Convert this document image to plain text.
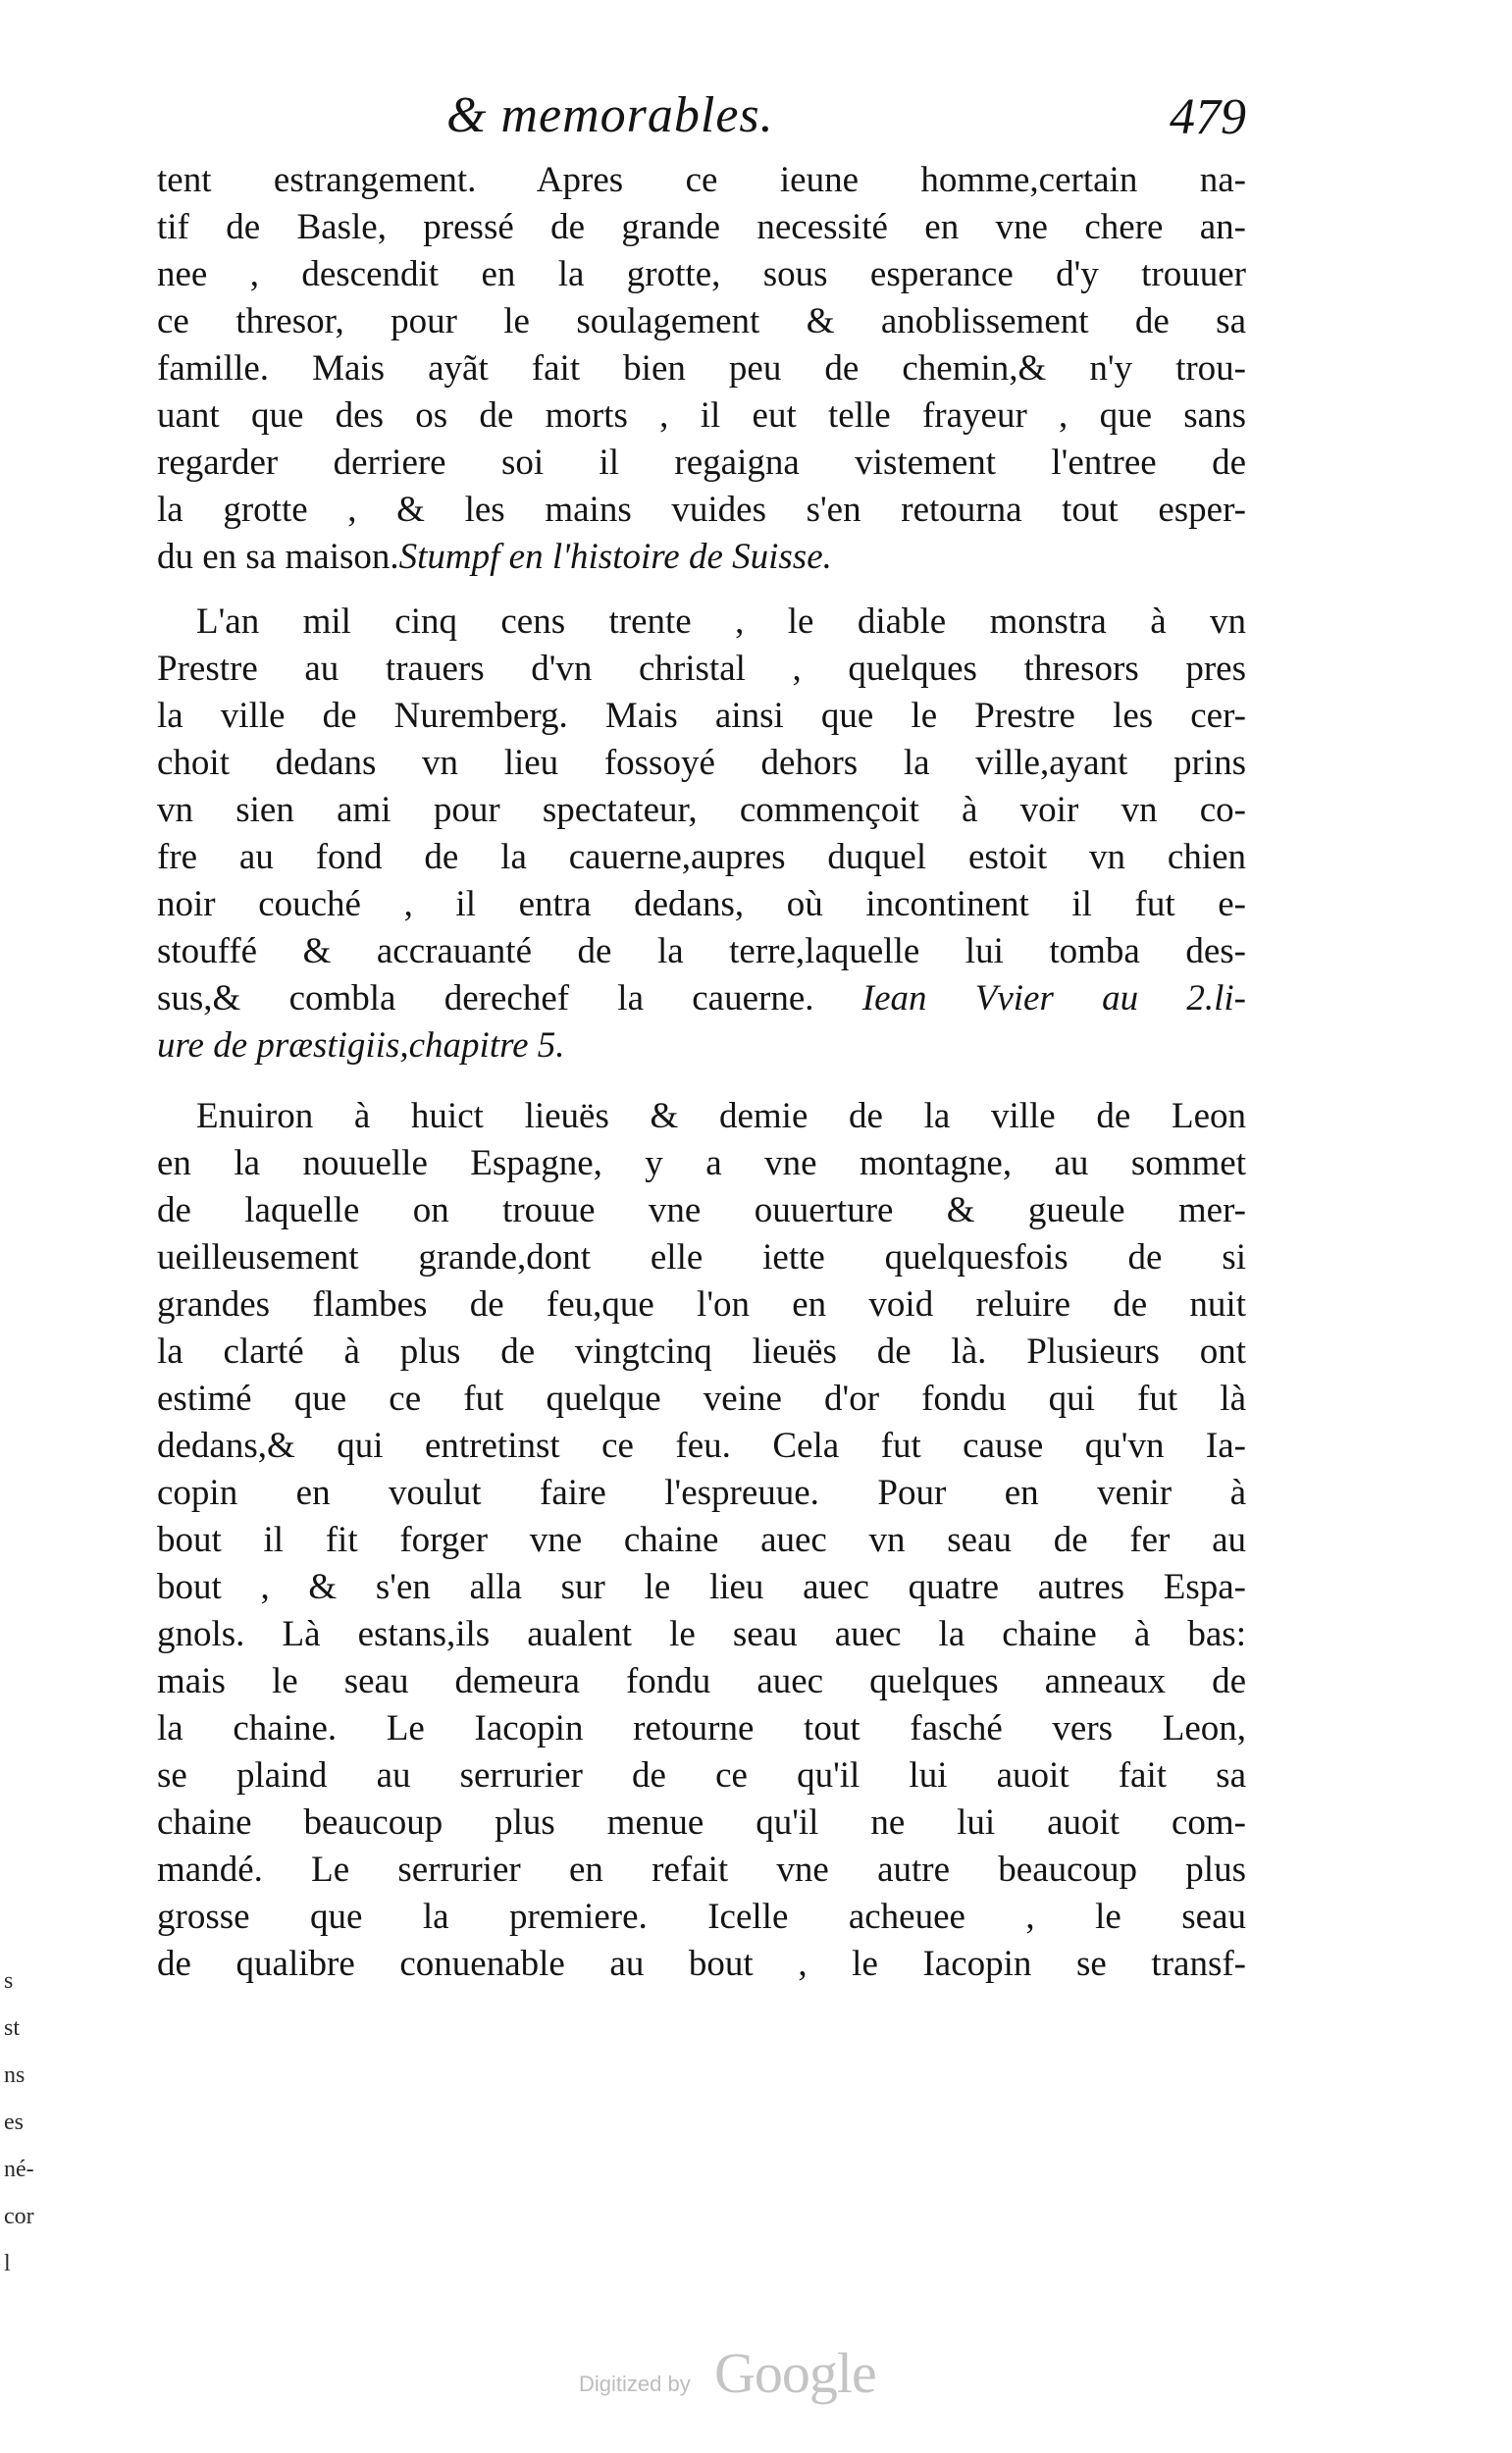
& memorables.	479
tent estrangement. Apres ce ieune homme,certain na-
tif de Basle, pressé de grande necessité en vne chere an-
nee , descendit en la grotte, sous esperance d'y trouuer
ce thresor, pour le soulagement & anoblissement de sa
famille. Mais ayãt fait bien peu de chemin,& n'y trou-
uant que des os de morts , il eut telle frayeur , que sans
regarder derriere soi il regaigna vistement l'entree de
la grotte , & les mains vuides s'en retourna tout esper-
du en sa maison.Stumpf en l'histoire de Suisse.
L'an mil cinq cens trente , le diable monstra à vn
Prestre au trauers d'vn christal , quelques thresors pres
la ville de Nuremberg. Mais ainsi que le Prestre les cer-
choit dedans vn lieu fossoyé dehors la ville,ayant prins
vn sien ami pour spectateur, commençoit à voir vn co-
fre au fond de la cauerne,aupres duquel estoit vn chien
noir couché , il entra dedans, où incontinent il fut e-
stouffé & accrauanté de la terre,laquelle lui tomba des-
sus,& combla derechef la cauerne. Iean Vvier au 2.li-
ure de præstigiis,chapitre 5.
Enuiron à huict lieuës & demie de la ville de Leon
en la nouuelle Espagne, y a vne montagne, au sommet
de laquelle on trouue vne ouuerture & gueule mer-
ueilleusement grande,dont elle iette quelquesfois de si
grandes flambes de feu,que l'on en void reluire de nuit
la clarté à plus de vingtcinq lieuës de là. Plusieurs ont
estimé que ce fut quelque veine d'or fondu qui fut là
dedans,& qui entretinst ce feu. Cela fut cause qu'vn Ia-
copin en voulut faire l'espreuue. Pour en venir à
bout il fit forger vne chaine auec vn seau de fer au
bout , & s'en alla sur le lieu auec quatre autres Espa-
gnols. Là estans,ils aualent le seau auec la chaine à bas:
mais le seau demeura fondu auec quelques anneaux de
la chaine. Le Iacopin retourne tout fasché vers Leon,
se plaind au serrurier de ce qu'il lui auoit fait sa
chaine beaucoup plus menue qu'il ne lui auoit com-
mandé. Le serrurier en refait vne autre beaucoup plus
grosse que la premiere. Icelle acheuee , le seau
de qualibre conuenable au bout , le Iacopin se transf-
s
st
ns
es
né-
cor
l
Digitized by Google
